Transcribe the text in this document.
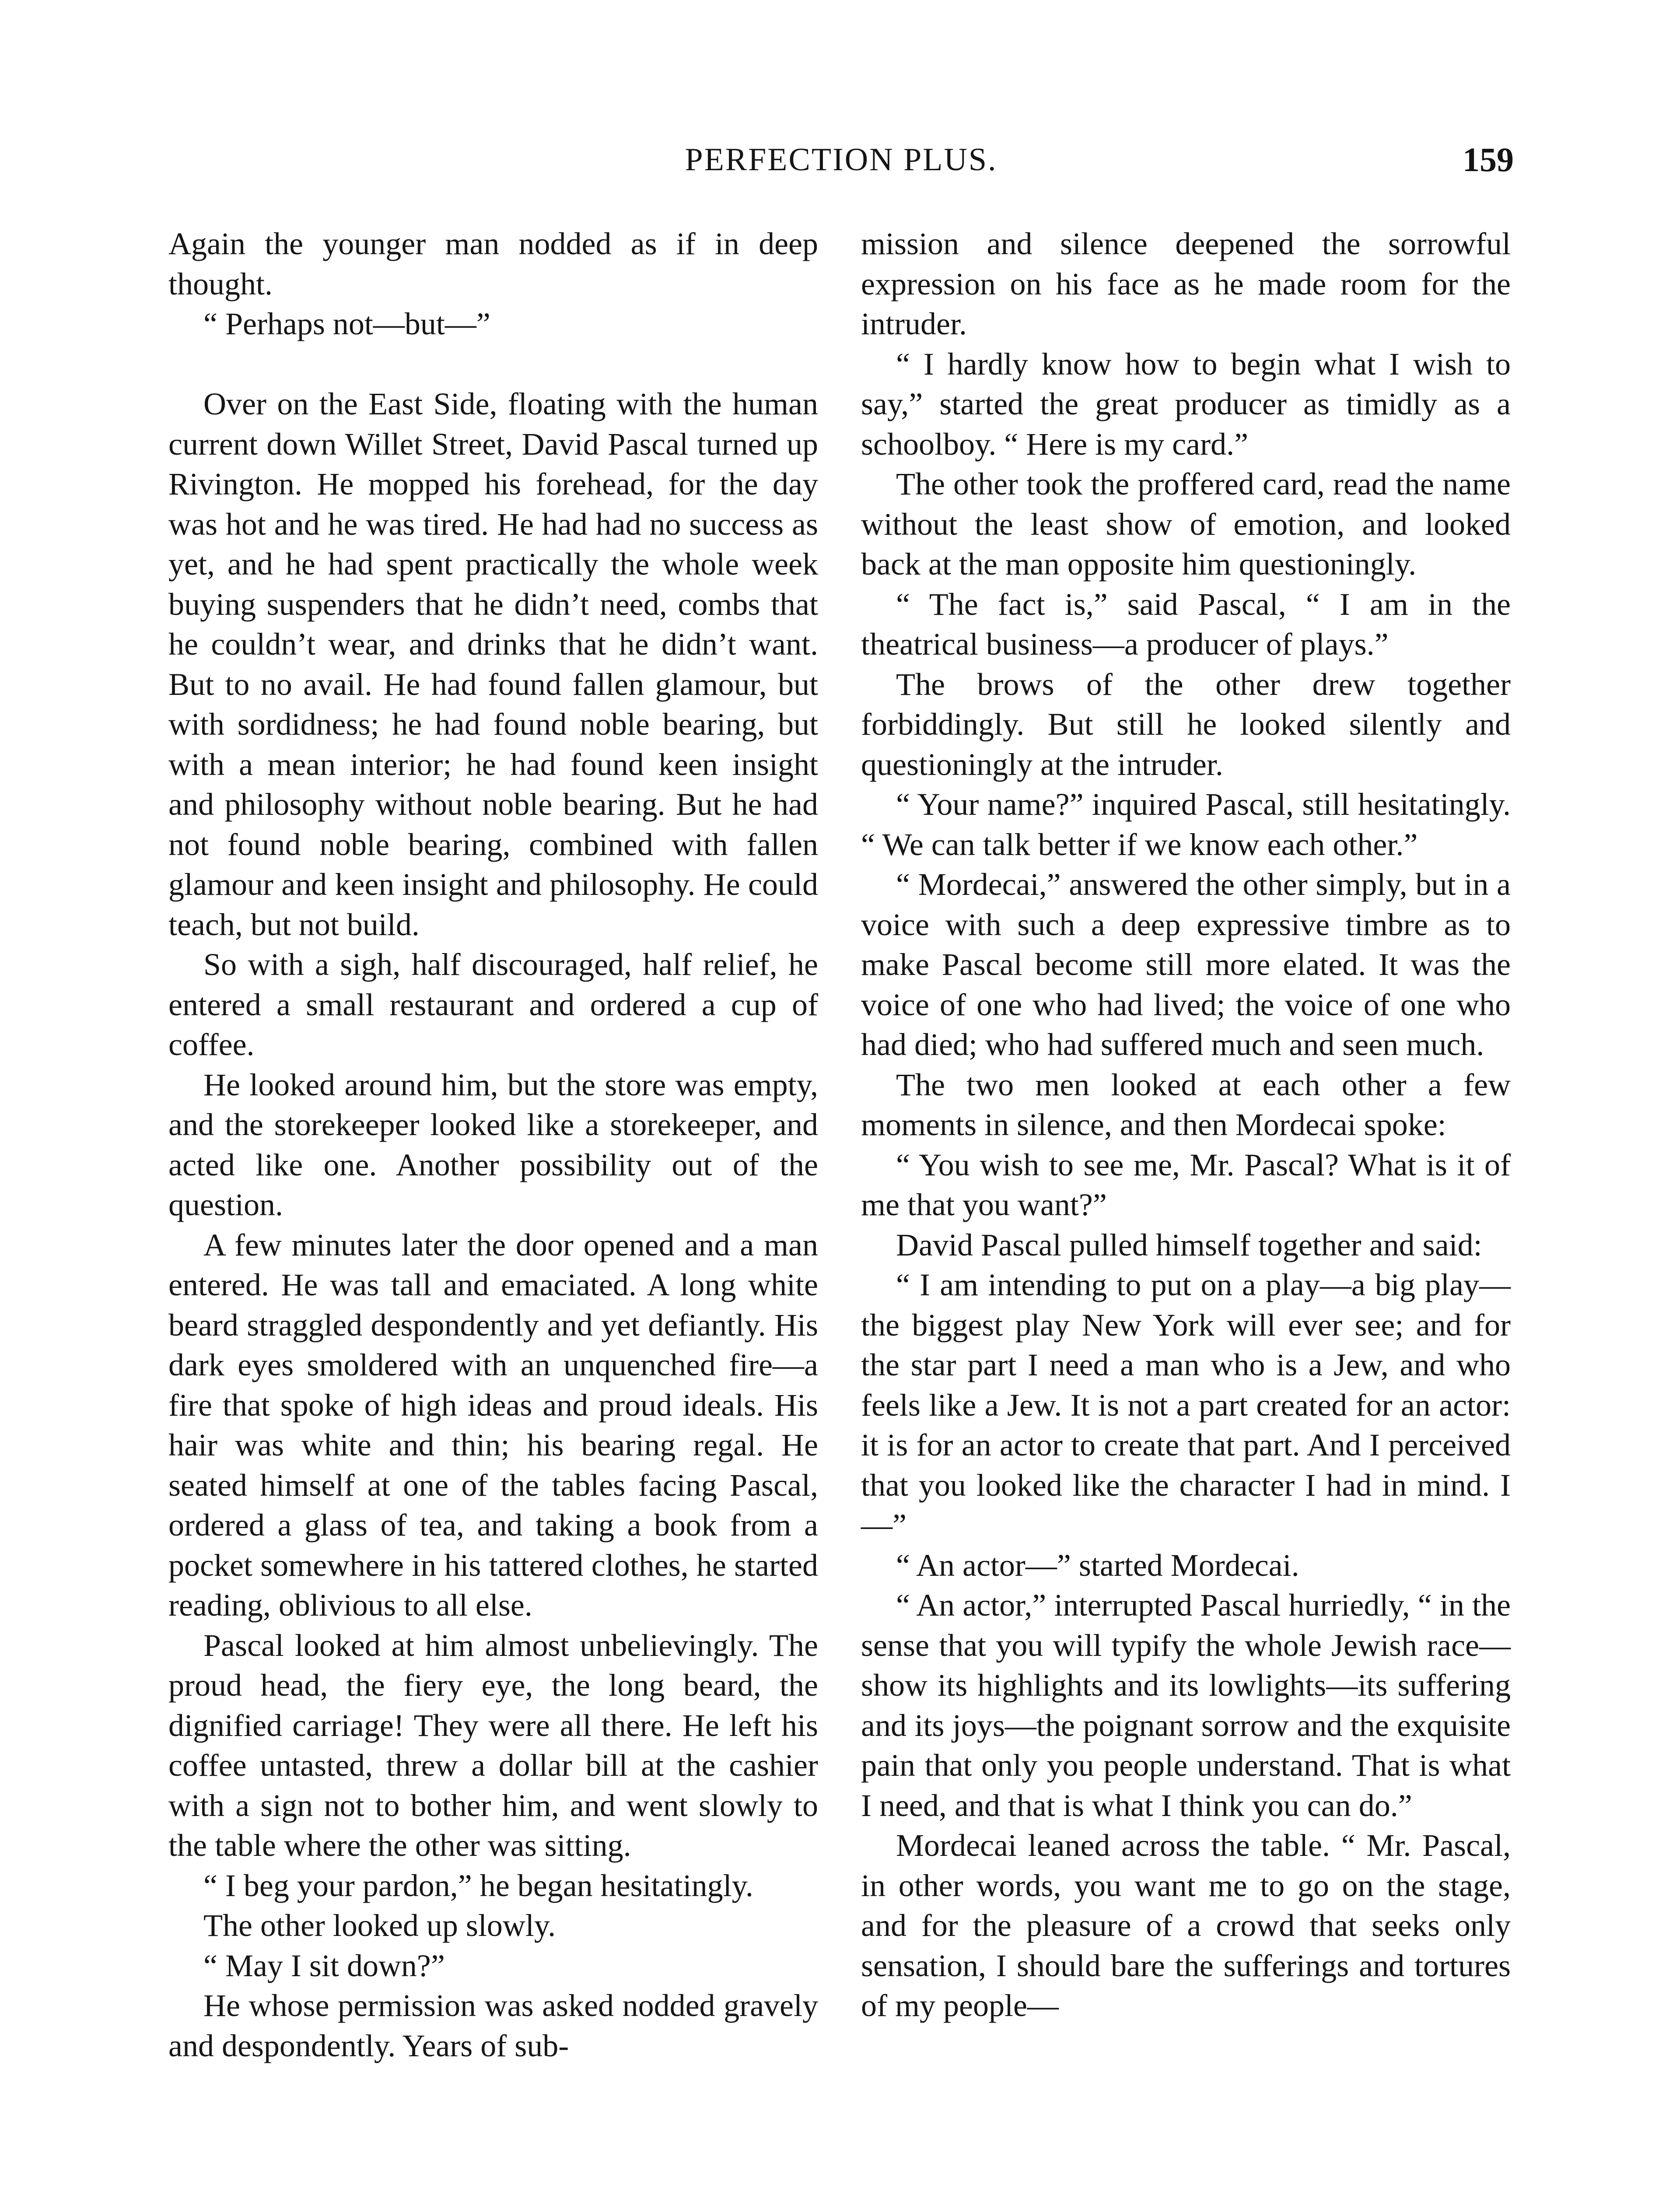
PERFECTION PLUS.	159

Again the younger man nodded as if in deep thought.

“ Perhaps not—but—”

Over on the East Side, floating with the human current down Willet Street, David Pascal turned up Rivington. He mopped his forehead, for the day was hot and he was tired. He had had no success as yet, and he had spent practically the whole week buying suspenders that he didn’t need, combs that he couldn’t wear, and drinks that he didn’t want. But to no avail. He had found fallen glamour, but with sordidness; he had found noble bearing, but with a mean interior; he had found keen insight and philosophy without noble bearing. But he had not found noble bearing, combined with fallen glamour and keen insight and philosophy. He could teach, but not build.

So with a sigh, half discouraged, half relief, he entered a small restaurant and ordered a cup of coffee.

He looked around him, but the store was empty, and the storekeeper looked like a storekeeper, and acted like one. Another possibility out of the question.

A few minutes later the door opened and a man entered. He was tall and emaciated. A long white beard straggled despondently and yet defiantly. His dark eyes smoldered with an unquenched fire—a fire that spoke of high ideas and proud ideals. His hair was white and thin; his bearing regal. He seated himself at one of the tables facing Pascal, ordered a glass of tea, and taking a book from a pocket somewhere in his tattered clothes, he started reading, oblivious to all else.

Pascal looked at him almost unbelievingly. The proud head, the fiery eye, the long beard, the dignified carriage! They were all there. He left his coffee untasted, threw a dollar bill at the cashier with a sign not to bother him, and went slowly to the table where the other was sitting.

“ I beg your pardon,” he began hesitatingly.

The other looked up slowly.

“ May I sit down?”

He whose permission was asked nodded gravely and despondently. Years of sub-

mission and silence deepened the sorrowful expression on his face as he made room for the intruder.

“ I hardly know how to begin what I wish to say,” started the great producer as timidly as a schoolboy. “ Here is my card.”

The other took the proffered card, read the name without the least show of emotion, and looked back at the man opposite him questioningly.

“ The fact is,” said Pascal, “ I am in the theatrical business—a producer of plays.”

The brows of the other drew together forbiddingly. But still he looked silently and questioningly at the intruder.

“ Your name?” inquired Pascal, still hesitatingly. “ We can talk better if we know each other.”

“ Mordecai,” answered the other simply, but in a voice with such a deep expressive timbre as to make Pascal become still more elated. It was the voice of one who had lived; the voice of one who had died; who had suffered much and seen much.

The two men looked at each other a few moments in silence, and then Mordecai spoke:

“ You wish to see me, Mr. Pascal? What is it of me that you want?”

David Pascal pulled himself together and said:

“ I am intending to put on a play—a big play—the biggest play New York will ever see; and for the star part I need a man who is a Jew, and who feels like a Jew. It is not a part created for an actor: it is for an actor to create that part. And I perceived that you looked like the character I had in mind. I—”

“ An actor—” started Mordecai.

“ An actor,” interrupted Pascal hurriedly, “ in the sense that you will typify the whole Jewish race—show its highlights and its lowlights—its suffering and its joys—the poignant sorrow and the exquisite pain that only you people understand. That is what I need, and that is what I think you can do.”

Mordecai leaned across the table. “ Mr. Pascal, in other words, you want me to go on the stage, and for the pleasure of a crowd that seeks only sensation, I should bare the sufferings and tortures of my people—
